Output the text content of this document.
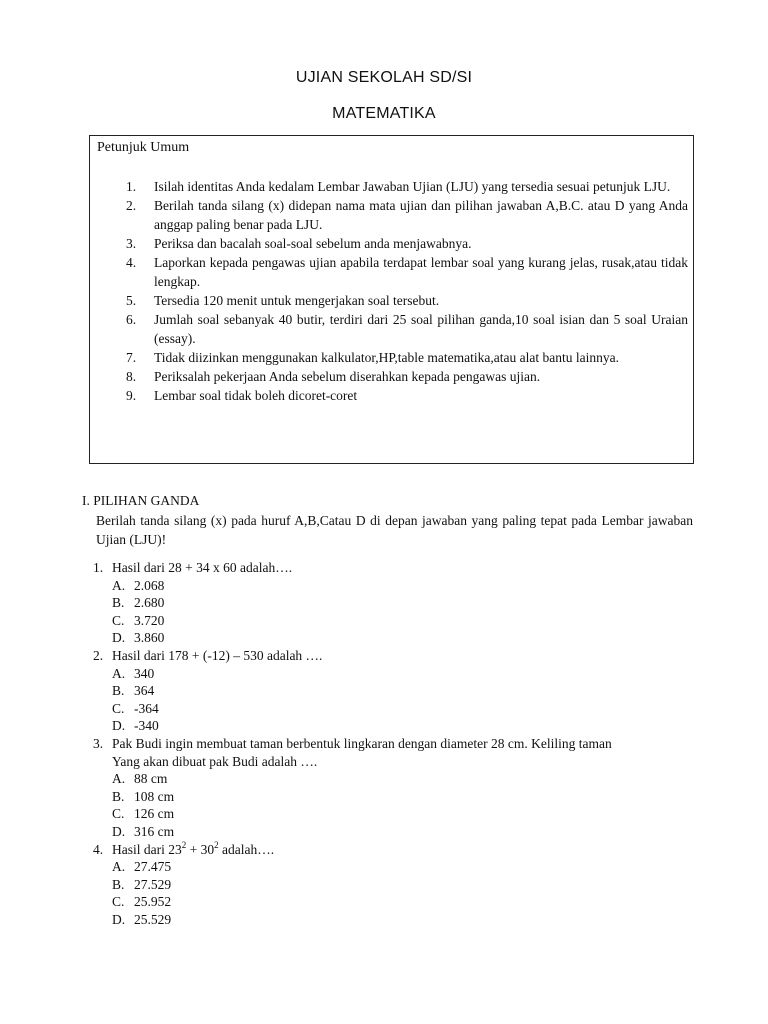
UJIAN SEKOLAH SD/SI
MATEMATIKA
Petunjuk Umum
1. Isilah identitas Anda kedalam Lembar Jawaban Ujian (LJU) yang tersedia sesuai petunjuk LJU.
2. Berilah tanda silang (x) didepan nama mata ujian dan pilihan jawaban A,B.C. atau D yang Anda anggap paling benar pada LJU.
3. Periksa dan bacalah soal-soal sebelum anda menjawabnya.
4. Laporkan kepada pengawas ujian apabila terdapat lembar soal yang kurang jelas, rusak,atau tidak lengkap.
5. Tersedia 120 menit untuk mengerjakan soal tersebut.
6. Jumlah soal sebanyak 40 butir, terdiri dari 25 soal pilihan ganda,10 soal isian dan 5 soal Uraian (essay).
7. Tidak diizinkan menggunakan kalkulator,HP,table matematika,atau alat bantu lainnya.
8. Periksalah pekerjaan Anda sebelum diserahkan kepada pengawas ujian.
9. Lembar soal tidak boleh dicoret-coret
I. PILIHAN GANDA
Berilah tanda silang (x) pada huruf A,B,Catau D di depan jawaban yang paling tepat pada Lembar jawaban Ujian (LJU)!
1. Hasil dari 28 + 34 x 60 adalah….
A. 2.068
B. 2.680
C. 3.720
D. 3.860
2. Hasil dari 178 + (-12) – 530 adalah ….
A. 340
B. 364
C. -364
D. -340
3. Pak Budi ingin membuat taman berbentuk lingkaran dengan diameter 28 cm. Keliling taman
Yang akan dibuat pak Budi adalah ….
A. 88 cm
B. 108 cm
C. 126 cm
D. 316 cm
4. Hasil dari $23^2 + 30^2$ adalah….
A. 27.475
B. 27.529
C. 25.952
D. 25.529
